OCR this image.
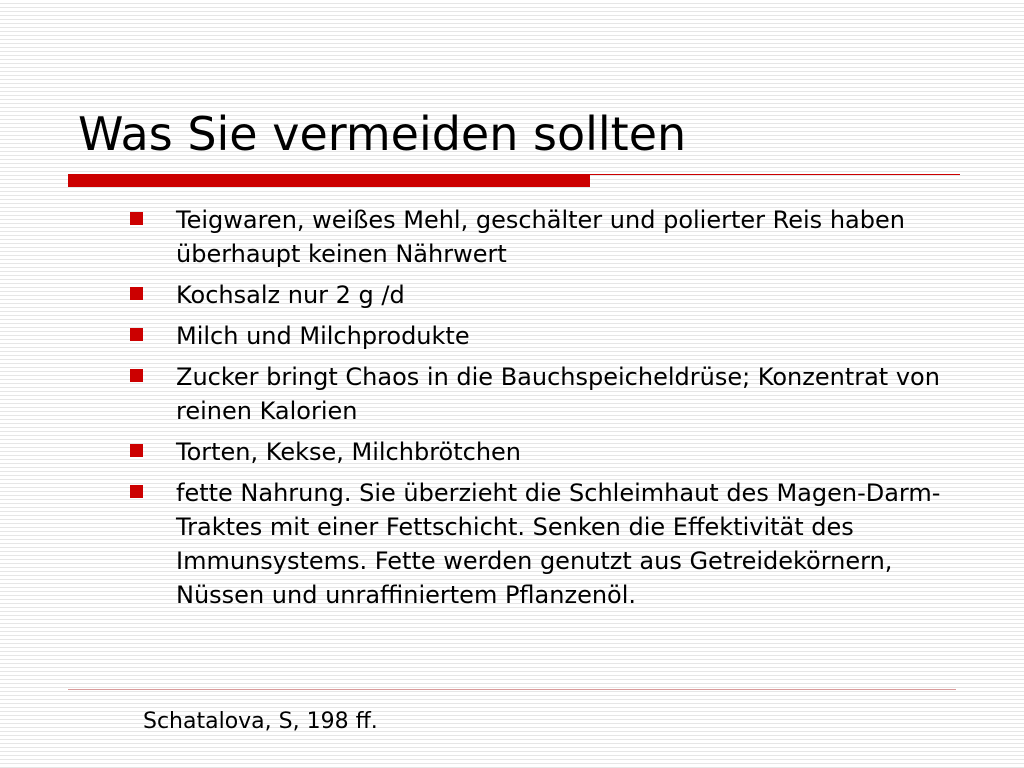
Was Sie vermeiden sollten
Teigwaren, weißes Mehl, geschälter und polierter Reis haben überhaupt keinen Nährwert
Kochsalz nur 2 g /d
Milch und Milchprodukte
Zucker bringt Chaos in die Bauchspeicheldrüse; Konzentrat von reinen Kalorien
Torten, Kekse, Milchbrötchen
fette Nahrung. Sie überzieht die Schleimhaut des Magen-Darm-Traktes mit einer Fettschicht. Senken die Effektivität des Immunsystems. Fette werden genutzt aus Getreidekörnern, Nüssen und unraffiniertem Pflanzenöl.
Schatalova, S, 198 ff.
